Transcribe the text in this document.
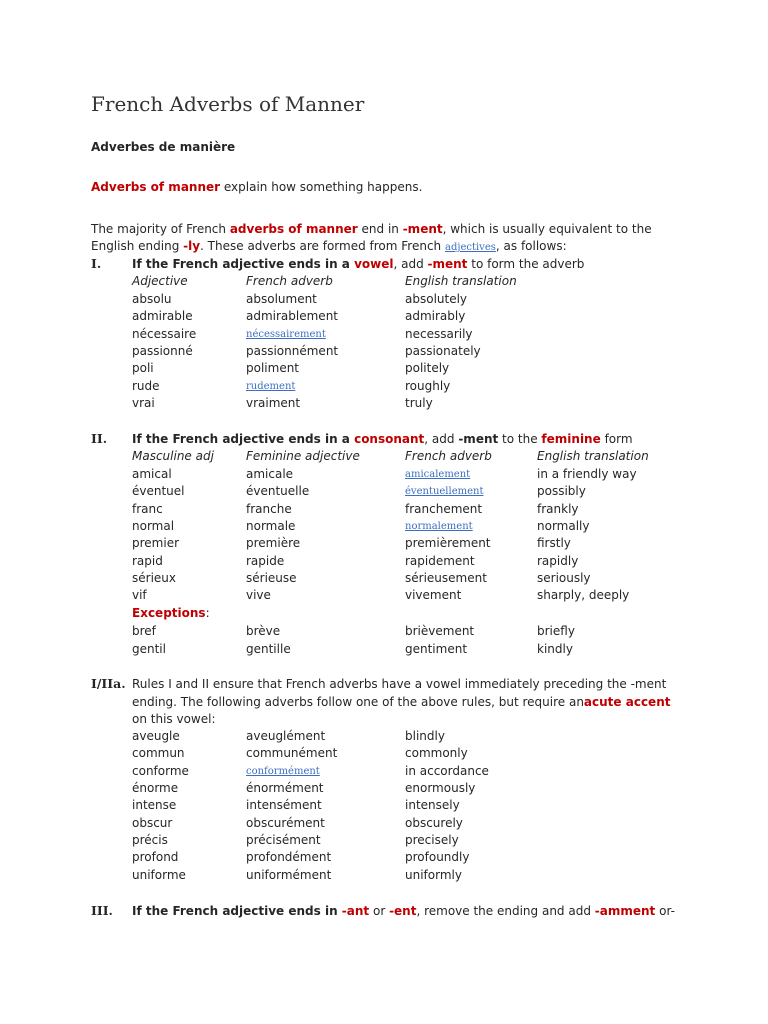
French Adverbs of Manner
Adverbes de manière
Adverbs of manner explain how something happens.
The majority of French adverbs of manner end in -ment, which is usually equivalent to the English ending -ly. These adverbs are formed from French adjectives, as follows:
I.	If the French adjective ends in a vowel, add -ment to form the adverb
Adjective	French adverb	English translation
absolu	absolument	absolutely
admirable	admirablement	admirably
nécessaire	nécessairement	necessarily
passionné	passionnément	passionately
poli	poliment	politely
rude	rudement	roughly
vrai	vraiment	truly
II. If the French adjective ends in a consonant, add -ment to the feminine form
Masculine adj	Feminine adjective	French adverb	English translation
amical	amicale	amicalement	in a friendly way
éventuel	éventuelle	éventuellement	possibly
franc	franche	franchement	frankly
normal	normale	normalement	normally
premier	première	premièrement	firstly
rapid	rapide	rapidement	rapidly
sérieux	sérieuse	sérieusement	seriously
vif	vive	vivement	sharply, deeply
Exceptions:
bref	brève	brièvement	briefly
gentil	gentille	gentiment	kindly
I/IIa. Rules I and II ensure that French adverbs have a vowel immediately preceding the -ment ending. The following adverbs follow one of the above rules, but require anacute accent on this vowel:
aveugle	aveuglément	blindly
commun	communément	commonly
conforme	conformément	in accordance
énorme	énormément	enormously
intense	intensément	intensely
obscur	obscurément	obscurely
précis	précisément	precisely
profond	profondément	profoundly
uniforme	uniformément	uniformly
III. If the French adjective ends in -ant or -ent, remove the ending and add -amment or-
